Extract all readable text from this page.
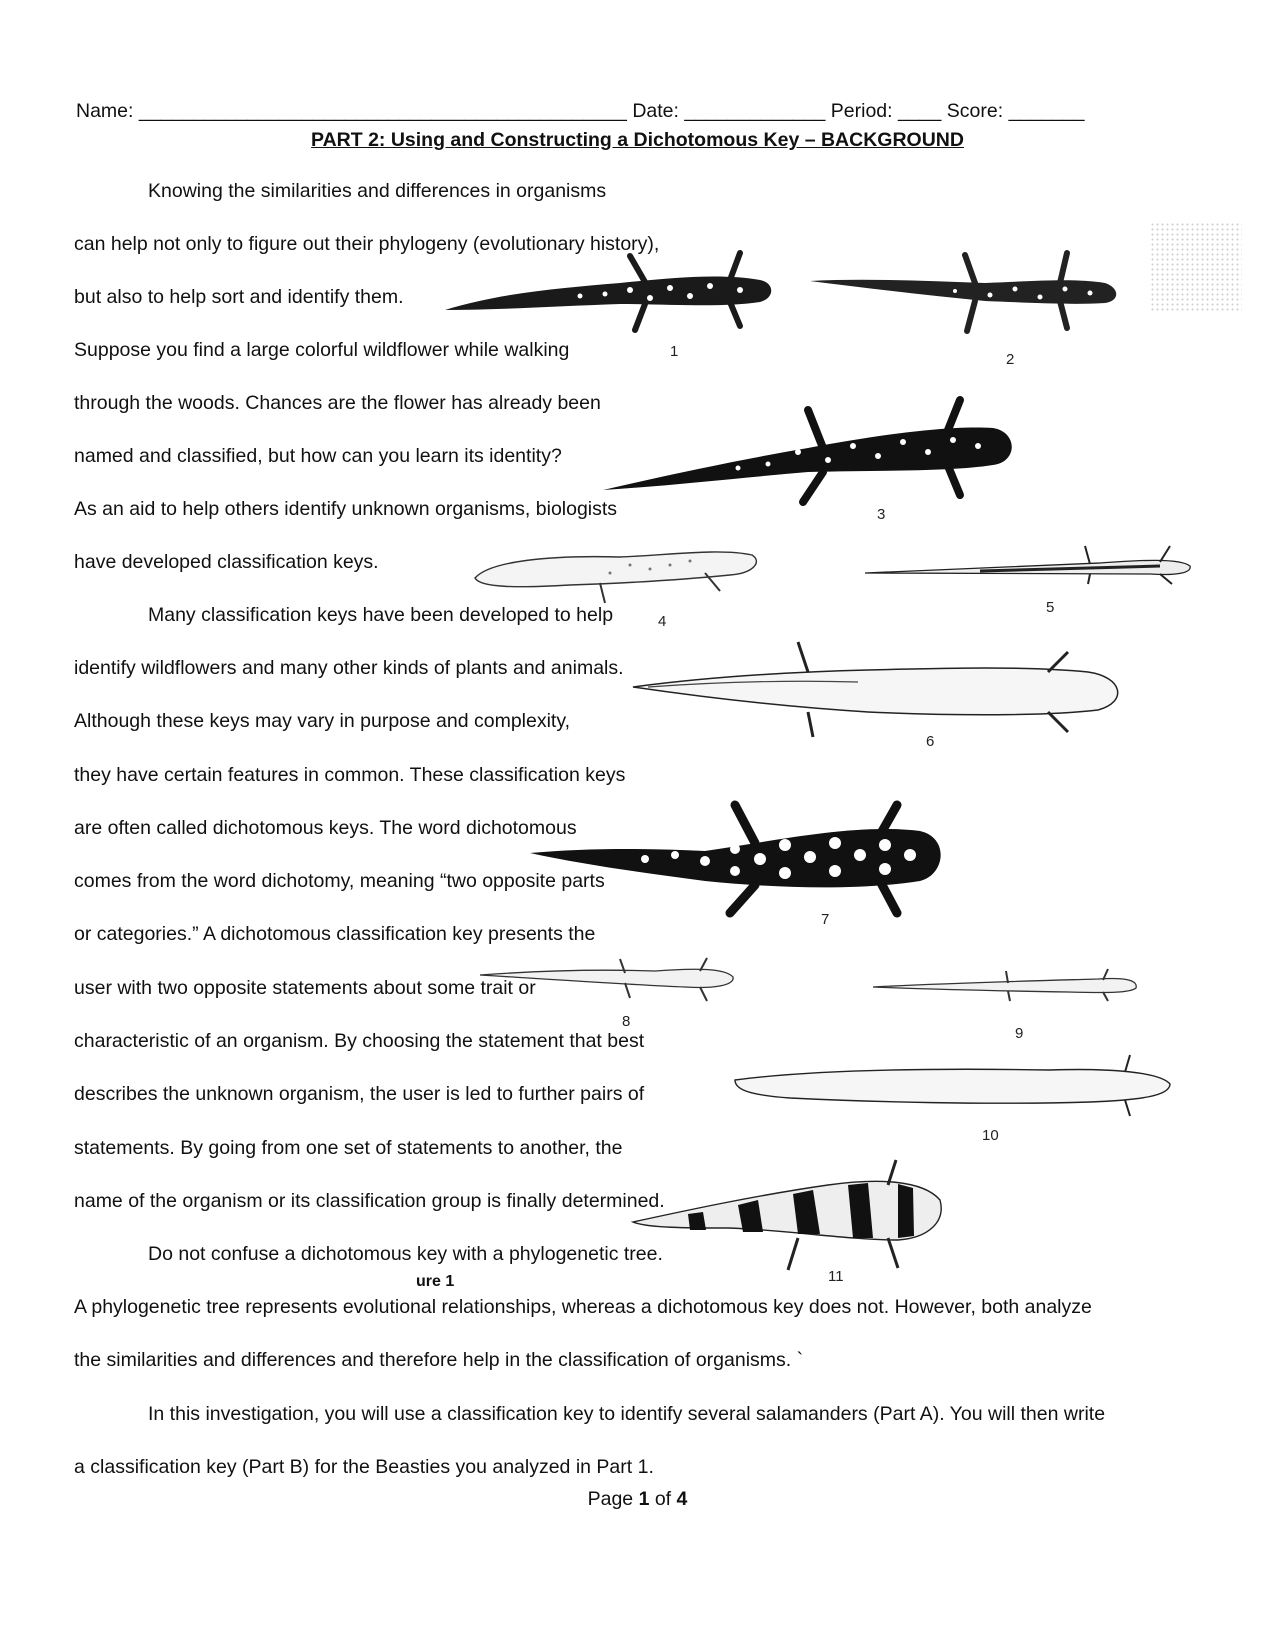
Name: _____________________________________________ Date: _____________ Period: ____ Score: _______
PART 2: Using and Constructing a Dichotomous Key – BACKGROUND
Knowing the similarities and differences in organisms
can help not only to figure out their phylogeny (evolutionary history),
but also to help sort and identify them.
Suppose you find a large colorful wildflower while walking
through the woods. Chances are the flower has already been
named and classified, but how can you learn its identity?
As an aid to help others identify unknown organisms, biologists
have developed classification keys.
Many classification keys have been developed to help
identify wildflowers and many other kinds of plants and animals.
Although these keys may vary in purpose and complexity,
they have certain features in common. These classification keys
are often called dichotomous keys. The word dichotomous
comes from the word dichotomy, meaning “two opposite parts
or categories.” A dichotomous classification key presents the
user with two opposite statements about some trait or
characteristic of an organism. By choosing the statement that best
describes the unknown organism, the user is led to further pairs of
statements. By going from one set of statements to another, the
name of the organism or its classification group is finally determined.
Do not confuse a dichotomous key with a phylogenetic tree.
A phylogenetic tree represents evolutional relationships, whereas a dichotomous key does not. However, both analyze
the similarities and differences and therefore help in the classification of organisms. `
In this investigation, you will use a classification key to identify several salamanders (Part A). You will then write
a classification key (Part B) for the Beasties you analyzed in Part 1.
1	2
3
4
5
6
7
8
9
10
11
ure 1
Page 1 of 4
